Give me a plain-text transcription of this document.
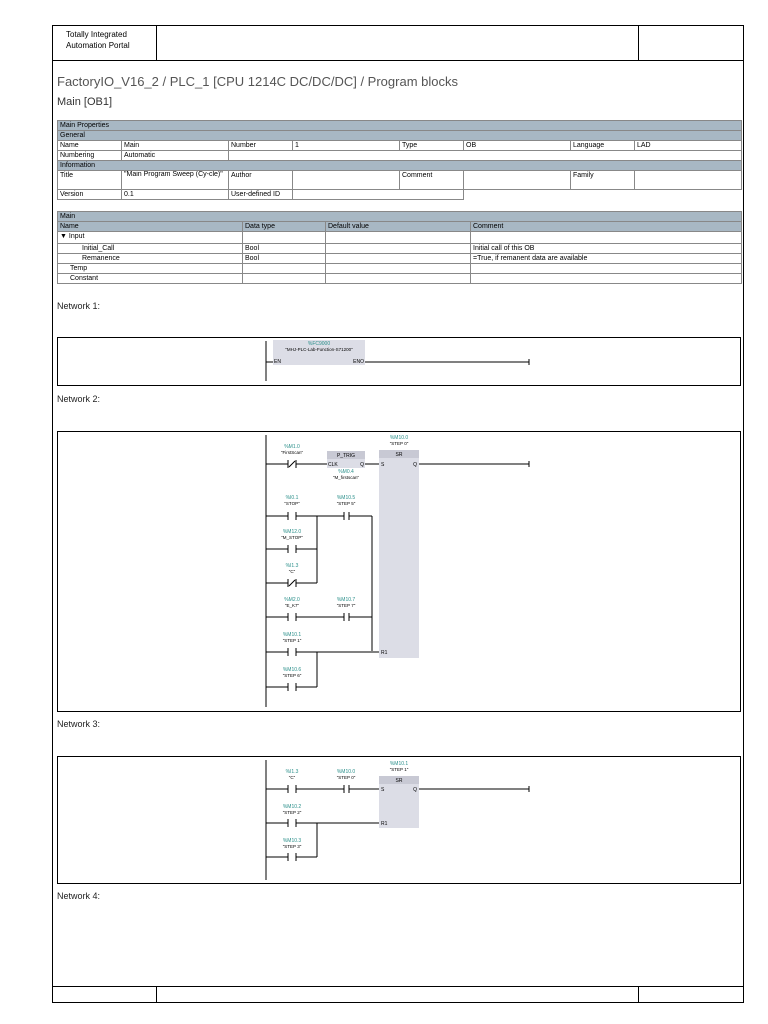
Totally Integrated
Automation Portal
FactoryIO_V16_2 / PLC_1 [CPU 1214C DC/DC/DC] / Program blocks
Main [OB1]
Main Properties							
General							
Name	Main	Number	1	Type	OB	Language	LAD
Numbering	Automatic						
Information							
Title	"Main Program Sweep (Cy-cle)"	Author		Comment		Family	
Version	0.1	User-defined ID					
Main			
Name	Data type	Default value	Comment
▼ Input			
Initial_Call	Bool		Initial call of this OB
Remanence	Bool		=True, if remanent data are available
Temp			
Constant			
Network 1:
%FC9000
"MHJ-PLC-Lab-Function-S71200"
EN	ENO
Network 2:
%M10.0
"STEP 0"
SR
S	Q
R1
%M1.0
"FirstScan"
P_TRIG
CLK	Q
%M0.4
"M_firstscan"
%I0.1
"STOP"
%M10.5
"STEP 5"
%M12.0
"M_STOP"
%I1.3
"C"
%M2.0
"E_K7"
%M10.7
"STEP 7"
%M10.1
"STEP 1"
%M10.6
"STEP 6"
Network 3:
%M10.1
"STEP 1"
SR
S	Q
R1
%I1.3
"C"
%M10.0
"STEP 0"
%M10.2
"STEP 2"
%M10.3
"STEP 3"
Network 4:
